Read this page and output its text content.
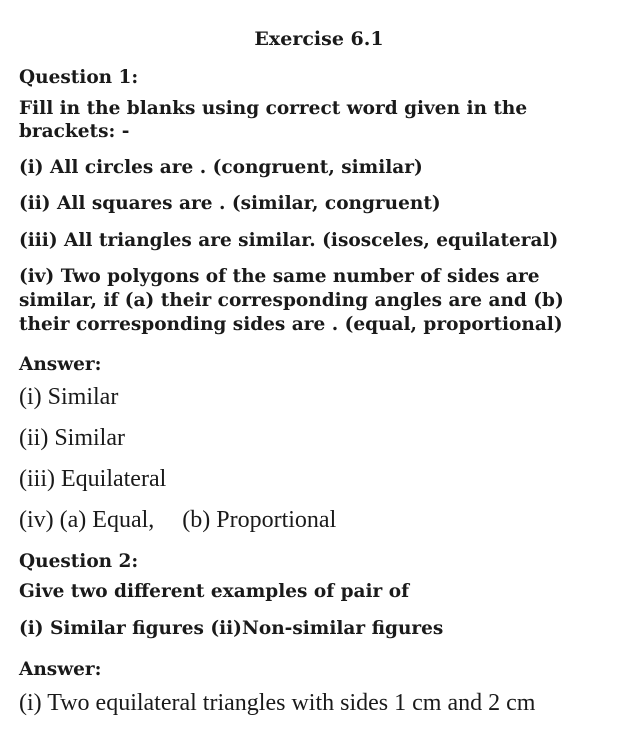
Exercise 6.1
Question 1:
Fill in the blanks using correct word given in the
brackets: -
(i) All circles are . (congruent, similar)
(ii) All squares are . (similar, congruent)
(iii) All triangles are similar. (isosceles, equilateral)
(iv) Two polygons of the same number of sides are
similar, if (a) their corresponding angles are and (b)
their corresponding sides are . (equal, proportional)
Answer:
(i) Similar
(ii) Similar
(iii) Equilateral
(iv) (a) Equal, (b) Proportional
Question 2:
Give two different examples of pair of
(i) Similar figures (ii)Non-similar figures
Answer:
(i) Two equilateral triangles with sides 1 cm and 2 cm
